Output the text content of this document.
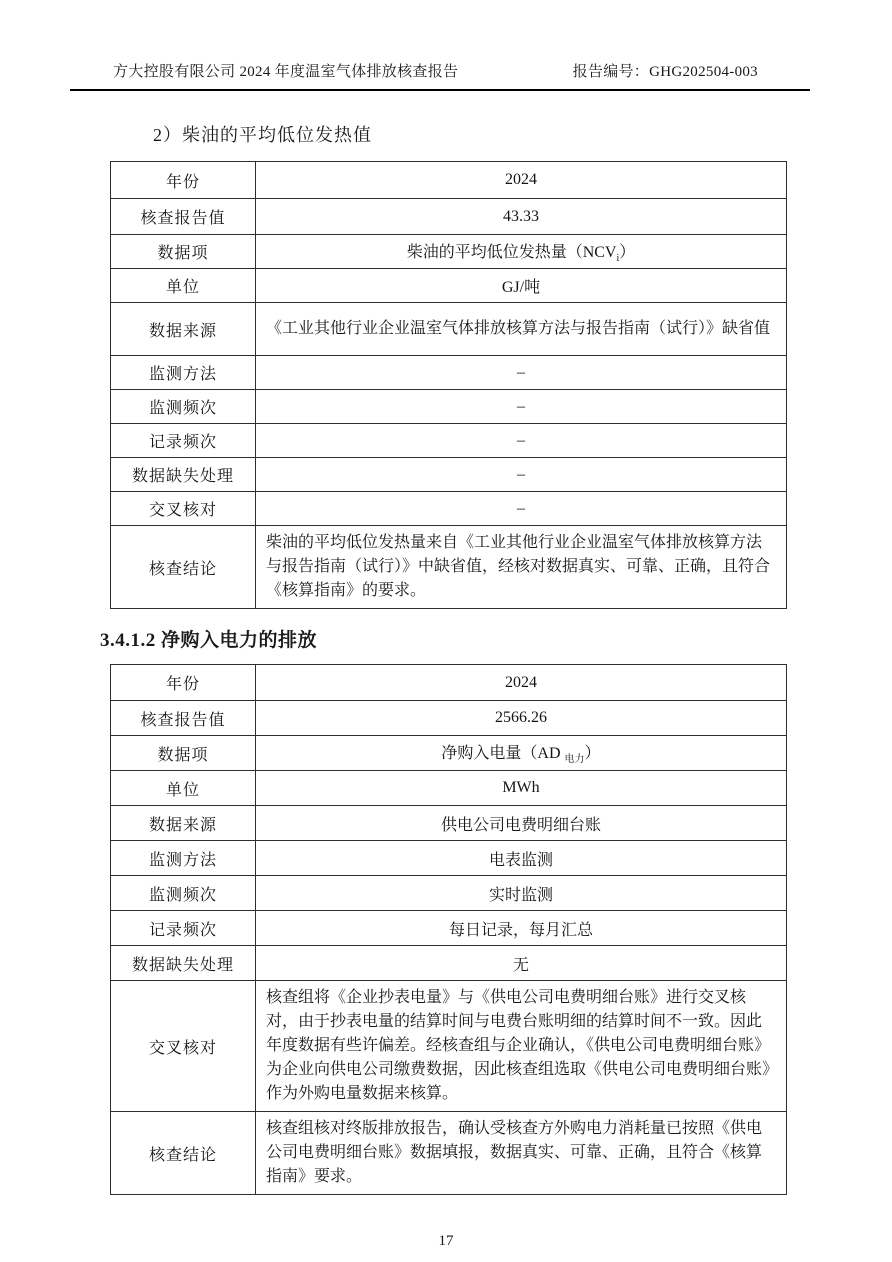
方大控股有限公司 2024 年度温室气体排放核查报告	报告编号：GHG202504-003
2）柴油的平均低位发热值
年份	2024
核查报告值	43.33
数据项	柴油的平均低位发热量$(NCV_i)$
单位	GJ/吨
数据来源	《工业其他行业企业温室气体排放核算方法与报告指南（试行）》缺省值
监测方法	–
监测频次	–
记录频次	–
数据缺失处理	–
交叉核对	–
核查结论	柴油的平均低位发热量来自《工业其他行业企业温室气体排放核算方法与报告指南（试行）》中缺省值，经核对数据真实、可靠、正确，且符合《核算指南》的要求。
3.4.1.2 净购入电力的排放
年份	2024
核查报告值	2566.26
数据项	净购入电量（AD $_{电力}$）
单位	MWh
数据来源	供电公司电费明细台账
监测方法	电表监测
监测频次	实时监测
记录频次	每日记录，每月汇总
数据缺失处理	无
交叉核对	核查组将《企业抄表电量》与《供电公司电费明细台账》进行交叉核对，由于抄表电量的结算时间与电费台账明细的结算时间不一致。因此年度数据有些许偏差。经核查组与企业确认，《供电公司电费明细台账》为企业向供电公司缴费数据，因此核查组选取《供电公司电费明细台账》作为外购电量数据来核算。
核查结论	核查组核对终版排放报告，确认受核查方外购电力消耗量已按照《供电公司电费明细台账》数据填报，数据真实、可靠、正确，且符合《核算指南》要求。
17
